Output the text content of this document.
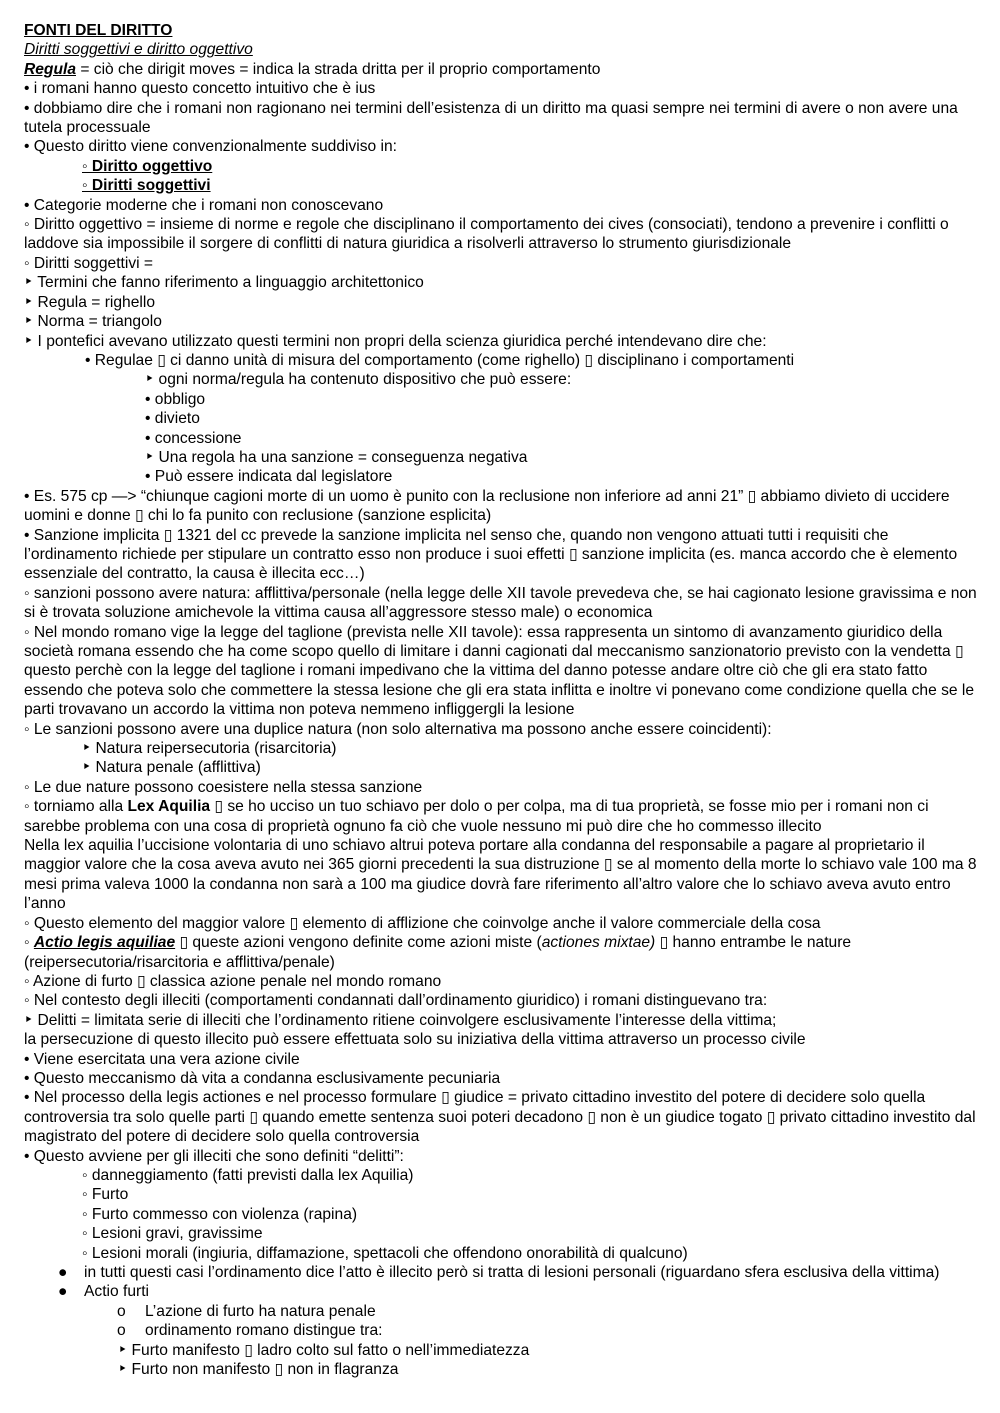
FONTI DEL DIRITTO

Diritti soggettivi e diritto oggettivo

Regula = ciò che dirigit moves = indica la strada dritta per il proprio comportamento

• i romani hanno questo concetto intuitivo che è ius

• dobbiamo dire che i romani non ragionano nei termini dell’esistenza di un diritto ma quasi sempre nei termini di avere o non avere una tutela processuale

• Questo diritto viene convenzionalmente suddiviso in:

◦ Diritto oggettivo

◦ Diritti soggettivi

• Categorie moderne che i romani non conoscevano

◦ Diritto oggettivo = insieme di norme e regole che disciplinano il comportamento dei cives (consociati), tendono a prevenire i conflitti o laddove sia impossibile il sorgere di conflitti di natura giuridica a risolverli attraverso lo strumento giurisdizionale

◦ Diritti soggettivi =

‣ Termini che fanno riferimento a linguaggio architettonico

‣ Regula = righello

‣ Norma = triangolo

‣ I pontefici avevano utilizzato questi termini non propri della scienza giuridica perché intendevano dire che:

• Regulae ▯ ci danno unità di misura del comportamento (come righello) ▯ disciplinano i comportamenti

‣ ogni norma/regula ha contenuto dispositivo che può essere:

• obbligo

• divieto

• concessione

‣ Una regola ha una sanzione = conseguenza negativa

• Può essere indicata dal legislatore

• Es. 575 cp —> “chiunque cagioni morte di un uomo è punito con la reclusione non inferiore ad anni 21” ▯ abbiamo divieto di uccidere uomini e donne ▯ chi lo fa punito con reclusione (sanzione esplicita)

• Sanzione implicita ▯ 1321 del cc prevede la sanzione implicita nel senso che, quando non vengono attuati tutti i requisiti che l’ordinamento richiede per stipulare un contratto esso non produce i suoi effetti ▯ sanzione implicita (es. manca accordo che è elemento essenziale del contratto, la causa è illecita ecc…)

◦ sanzioni possono avere natura: afflittiva/personale (nella legge delle XII tavole prevedeva che, se hai cagionato lesione gravissima e non si è trovata soluzione amichevole la vittima causa all’aggressore stesso male) o economica

◦ Nel mondo romano vige la legge del taglione (prevista nelle XII tavole): essa rappresenta un sintomo di avanzamento giuridico della società romana essendo che ha come scopo quello di limitare i danni cagionati dal meccanismo sanzionatorio previsto con la vendetta ▯ questo perchè con la legge del taglione i romani impedivano che la vittima del danno potesse andare oltre ciò che gli era stato fatto essendo che poteva solo che commettere la stessa lesione che gli era stata inflitta e inoltre vi ponevano come condizione quella che se le parti trovavano un accordo la vittima non poteva nemmeno infliggergli la lesione

◦ Le sanzioni possono avere una duplice natura (non solo alternativa ma possono anche essere coincidenti):

‣ Natura reipersecutoria (risarcitoria)

‣ Natura penale (afflittiva)

◦ Le due nature possono coesistere nella stessa sanzione

◦ torniamo alla Lex Aquilia ▯ se ho ucciso un tuo schiavo per dolo o per colpa, ma di tua proprietà, se fosse mio per i romani non ci sarebbe problema con una cosa di proprietà ognuno fa ciò che vuole nessuno mi può dire che ho commesso illecito

Nella lex aquilia l’uccisione volontaria di uno schiavo altrui poteva portare alla condanna del responsabile a pagare al proprietario il maggior valore che la cosa aveva avuto nei 365 giorni precedenti la sua distruzione ▯ se al momento della morte lo schiavo vale 100 ma 8 mesi prima valeva 1000 la condanna non sarà a 100 ma giudice dovrà fare riferimento all’altro valore che lo schiavo aveva avuto entro l’anno

◦ Questo elemento del maggior valore ▯ elemento di afflizione che coinvolge anche il valore commerciale della cosa

◦ Actio legis aquiliae ▯ queste azioni vengono definite come azioni miste (actiones mixtae) ▯ hanno entrambe le nature (reipersecutoria/risarcitoria e afflittiva/penale)

◦ Azione di furto ▯ classica azione penale nel mondo romano

◦ Nel contesto degli illeciti (comportamenti condannati dall’ordinamento giuridico) i romani distinguevano tra:

‣ Delitti = limitata serie di illeciti che l’ordinamento ritiene coinvolgere esclusivamente l’interesse della vittima;

la persecuzione di questo illecito può essere effettuata solo su iniziativa della vittima attraverso un processo civile

• Viene esercitata una vera azione civile

• Questo meccanismo dà vita a condanna esclusivamente pecuniaria

• Nel processo della legis actiones e nel processo formulare ▯ giudice = privato cittadino investito del potere di decidere solo quella controversia tra solo quelle parti ▯ quando emette sentenza suoi poteri decadono ▯ non è un giudice togato ▯ privato cittadino investito dal magistrato del potere di decidere solo quella controversia

• Questo avviene per gli illeciti che sono definiti “delitti”:

◦ danneggiamento (fatti previsti dalla lex Aquilia)

◦ Furto

◦ Furto commesso con violenza (rapina)

◦ Lesioni gravi, gravissime

◦ Lesioni morali (ingiuria, diffamazione, spettacoli che offendono onorabilità di qualcuno)

●	in tutti questi casi l’ordinamento dice l’atto è illecito però si tratta di lesioni personali (riguardano sfera esclusiva della vittima)
●	Actio furti
o	L’azione di furto ha natura penale
o	ordinamento romano distingue tra:

‣ Furto manifesto ▯ ladro colto sul fatto o nell’immediatezza

‣ Furto non manifesto ▯ non in flagranza
